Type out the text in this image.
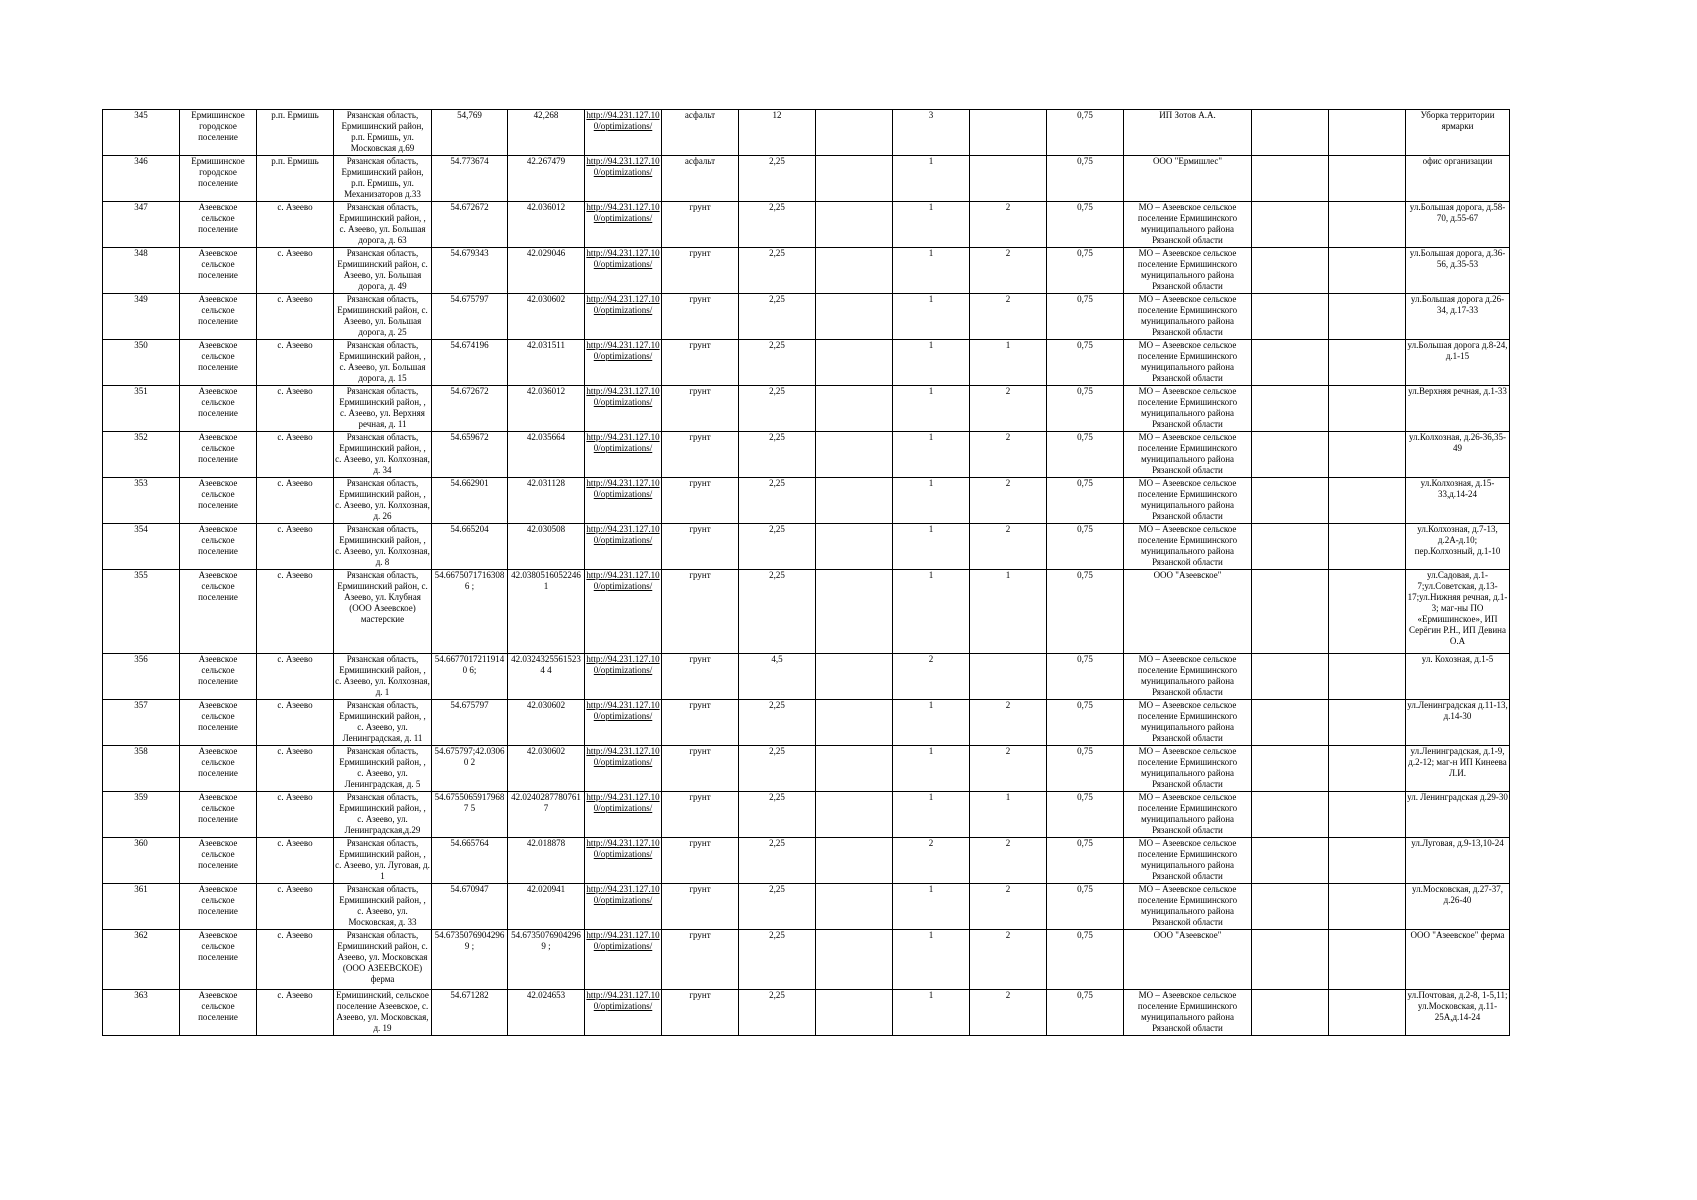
345	Ермишинское городское поселение	р.п. Ермишь	Рязанская область, Ермишинский район, р.п. Ермишь, ул. Московская д.69	54,769	42,268	http://94.231.127.100/optimizations/	асфальт	12		3		0,75	ИП Зотов А.А.			Уборка территории ярмарки
346	Ермишинское городское поселение	р.п. Ермишь	Рязанская область, Ермишинский район, р.п. Ермишь, ул. Механизаторов д.33	54.773674	42.267479	http://94.231.127.100/optimizations/	асфальт	2,25		1		0,75	ООО "Ермишлес"			офис организации
347	Азеевское сельское поселение	с. Азеево	Рязанская область, Ермишинский район, , с. Азеево, ул. Большая дорога, д. 63	54.672672	42.036012	http://94.231.127.100/optimizations/	грунт	2,25		1	2	0,75	МО – Азеевское сельское поселение Ермишинского муниципального района Рязанской области			ул.Большая дорога, д.58-70, д.55-67
348	Азеевское сельское поселение	с. Азеево	Рязанская область, Ермишинский район, с. Азеево, ул. Большая дорога, д. 49	54.679343	42.029046	http://94.231.127.100/optimizations/	грунт	2,25		1	2	0,75	МО – Азеевское сельское поселение Ермишинского муниципального района Рязанской области			ул.Большая дорога, д.36-56, д.35-53
349	Азеевское сельское поселение	с. Азеево	Рязанская область, Ермишинский район, с. Азеево, ул. Большая дорога, д. 25	54.675797	42.030602	http://94.231.127.100/optimizations/	грунт	2,25		1	2	0,75	МО – Азеевское сельское поселение Ермишинского муниципального района Рязанской области			ул.Большая дорога д.26-34, д.17-33
350	Азеевское сельское поселение	с. Азеево	Рязанская область, Ермишинский район, , с. Азеево, ул. Большая дорога, д. 15	54.674196	42.031511	http://94.231.127.100/optimizations/	грунт	2,25		1	1	0,75	МО – Азеевское сельское поселение Ермишинского муниципального района Рязанской области			ул.Большая дорога д.8-24, д.1-15
351	Азеевское сельское поселение	с. Азеево	Рязанская область, Ермишинский район, , с. Азеево, ул. Верхняя речная, д. 11	54.672672	42.036012	http://94.231.127.100/optimizations/	грунт	2,25		1	2	0,75	МО – Азеевское сельское поселение Ермишинского муниципального района Рязанской области			ул.Верхняя речная, д.1-33
352	Азеевское сельское поселение	с. Азеево	Рязанская область, Ермишинский район, , с. Азеево, ул. Колхозная, д. 34	54.659672	42.035664	http://94.231.127.100/optimizations/	грунт	2,25		1	2	0,75	МО – Азеевское сельское поселение Ермишинского муниципального района Рязанской области			ул.Колхозная, д.26-36,35-49
353	Азеевское сельское поселение	с. Азеево	Рязанская область, Ермишинский район, , с. Азеево, ул. Колхозная, д. 26	54.662901	42.031128	http://94.231.127.100/optimizations/	грунт	2,25		1	2	0,75	МО – Азеевское сельское поселение Ермишинского муниципального района Рязанской области			ул.Колхозная, д.15-33,д.14-24
354	Азеевское сельское поселение	с. Азеево	Рязанская область, Ермишинский район, , с. Азеево, ул. Колхозная, д. 8	54.665204	42.030508	http://94.231.127.100/optimizations/	грунт	2,25		1	2	0,75	МО – Азеевское сельское поселение Ермишинского муниципального района Рязанской области			ул.Колхозная, д.7-13, д.2А-д.10; пер.Колхозный, д.1-10
355	Азеевское сельское поселение	с. Азеево	Рязанская область, Ермишинский район, с. Азеево, ул. Клубная (ООО Азеевское) мастерские	54.66750717163086 ;	42.03805160522461	http://94.231.127.100/optimizations/	грунт	2,25		1	1	0,75	ООО "Азеевское"			ул.Садовая, д.1-7;ул.Советская, д.13-17;ул.Нижняя речная, д.1-3; маг-ны ПО «Ермишинское», ИП Серёгин Р.Н., ИП Девина О.А
356	Азеевское сельское поселение	с. Азеево	Рязанская область, Ермишинский район, , с. Азеево, ул. Колхозная, д. 1	54.66770172119140 6;	42.03243255615234 4	http://94.231.127.100/optimizations/	грунт	4,5		2		0,75	МО – Азеевское сельское поселение Ермишинского муниципального района Рязанской области			ул. Кохозная, д.1-5
357	Азеевское сельское поселение	с. Азеево	Рязанская область, Ермишинский район, , с. Азеево, ул. Ленинградская, д. 11	54.675797	42.030602	http://94.231.127.100/optimizations/	грунт	2,25		1	2	0,75	МО – Азеевское сельское поселение Ермишинского муниципального района Рязанской области			ул.Ленинградская д.11-13, д.14-30
358	Азеевское сельское поселение	с. Азеево	Рязанская область, Ермишинский район, , с. Азеево, ул. Ленинградская, д. 5	54.675797;42.03060 2	42.030602	http://94.231.127.100/optimizations/	грунт	2,25		1	2	0,75	МО – Азеевское сельское поселение Ермишинского муниципального района Рязанской области			ул.Ленинградская, д.1-9, д.2-12; маг-н ИП Кинеева Л.И.
359	Азеевское сельское поселение	с. Азеево	Рязанская область, Ермишинский район, , с. Азеево, ул. Ленинградская,д.29	54.67550659179687 5	42.02402877807617	http://94.231.127.100/optimizations/	грунт	2,25		1	1	0,75	МО – Азеевское сельское поселение Ермишинского муниципального района Рязанской области			ул. Ленинградская д.29-30
360	Азеевское сельское поселение	с. Азеево	Рязанская область, Ермишинский район, , с. Азеево, ул. Луговая, д. 1	54.665764	42.018878	http://94.231.127.100/optimizations/	грунт	2,25		2	2	0,75	МО – Азеевское сельское поселение Ермишинского муниципального района Рязанской области			ул.Луговая, д.9-13,10-24
361	Азеевское сельское поселение	с. Азеево	Рязанская область, Ермишинский район, , с. Азеево, ул. Московская, д. 33	54.670947	42.020941	http://94.231.127.100/optimizations/	грунт	2,25		1	2	0,75	МО – Азеевское сельское поселение Ермишинского муниципального района Рязанской области			ул.Московская, д.27-37, д.26-40
362	Азеевское сельское поселение	с. Азеево	Рязанская область, Ермишинский район, с. Азеево, ул. Московская (ООО АЗЕЕВСКОЕ) ферма	54.67350769042969 ;	54.67350769042969 ;	http://94.231.127.100/optimizations/	грунт	2,25		1	2	0,75	ООО "Азеевское"			ООО "Азеевское" ферма
363	Азеевское сельское поселение	с. Азеево	Ермишинский, сельское поселение Азеевское, с. Азеево, ул. Московская, д. 19	54.671282	42.024653	http://94.231.127.100/optimizations/	грунт	2,25		1	2	0,75	МО – Азеевское сельское поселение Ермишинского муниципального района Рязанской области			ул.Почтовая, д.2-8, 1-5,11; ул.Московская, д.11-25А,д.14-24
